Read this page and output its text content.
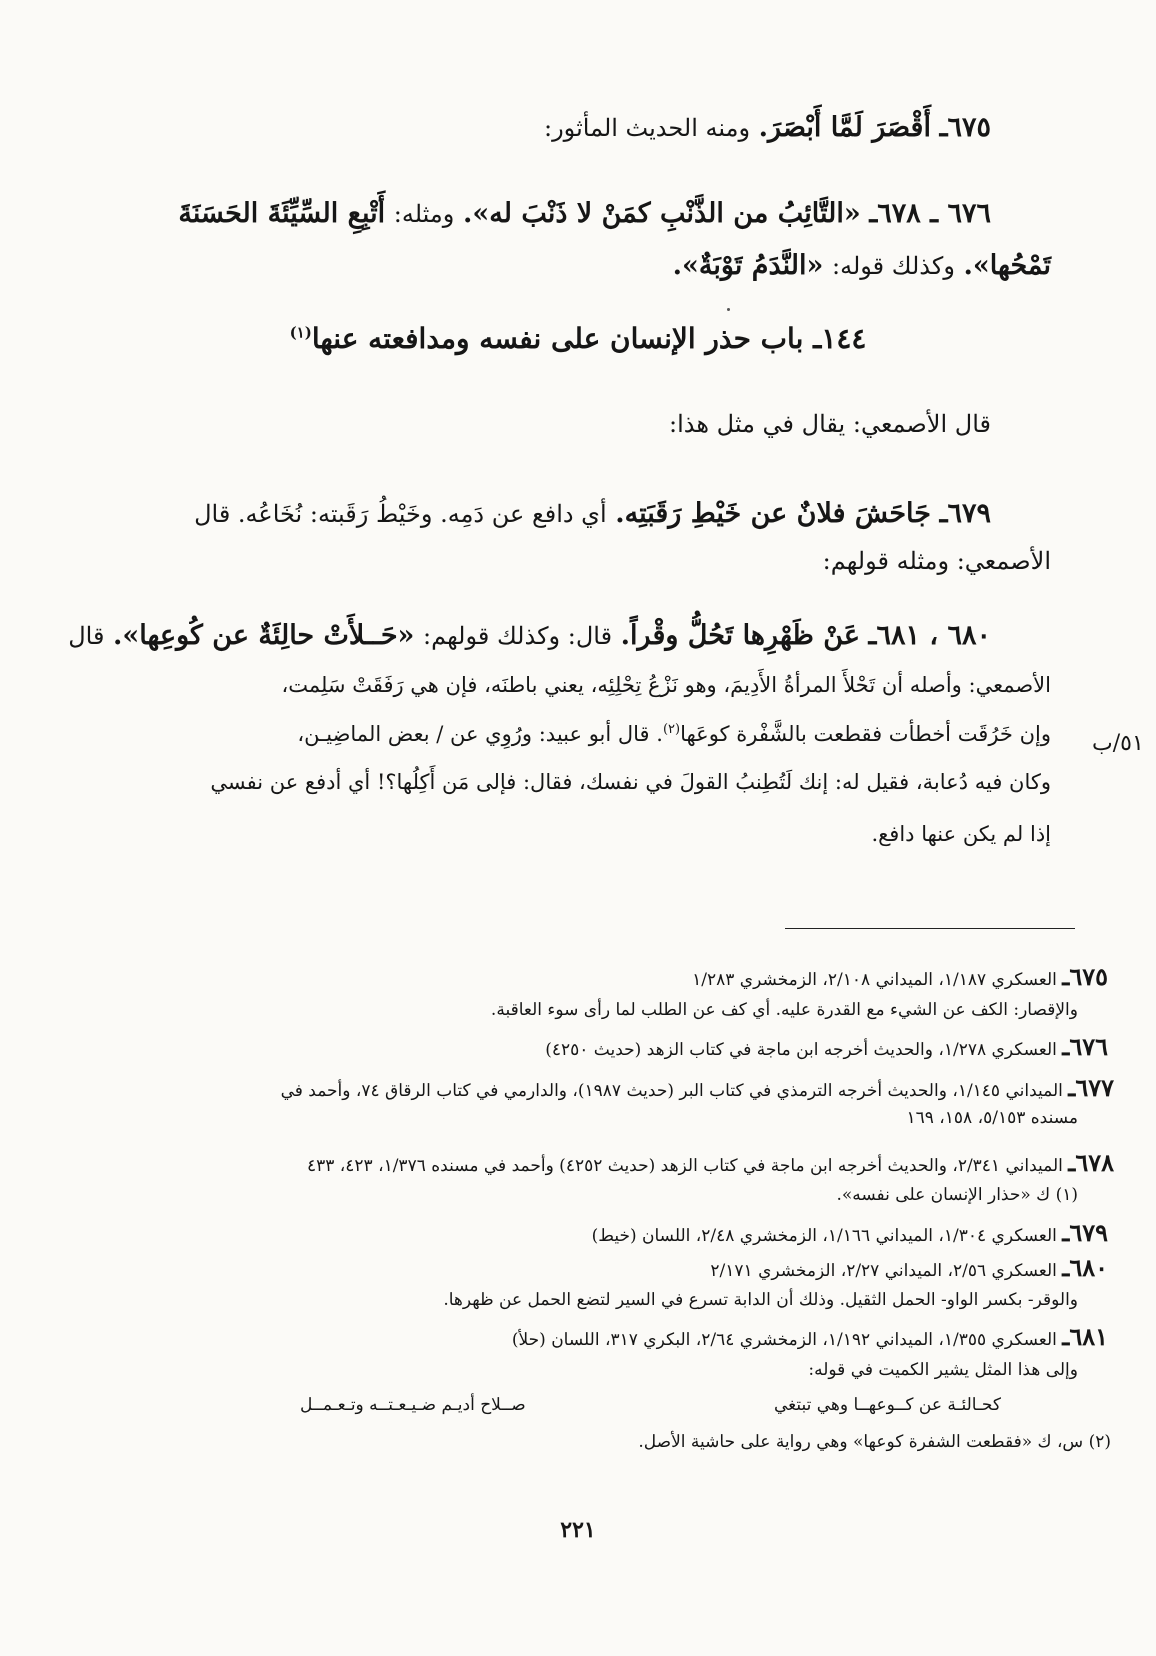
٦٧٥ـ أَقْصَرَ لَمَّا أَبْصَرَ. ومنه الحديث المأثور:
٦٧٦ ـ ٦٧٨ـ «التَّائِبُ من الذَّنْبِ كمَنْ لا ذَنْبَ له». ومثله: أَتْبِعِ السِّيِّئَةَ الحَسَنَةَ
تَمْحُها». وكذلك قوله: «النَّدَمُ تَوْبَةٌ».
١٤٤ـ باب حذر الإنسان على نفسه ومدافعته عنها$^{(١)}$
قال الأصمعي: يقال في مثل هذا:
٦٧٩ـ جَاحَشَ فلانٌ عن خَيْطِ رَقَبَتِه. أي دافع عن دَمِه. وخَيْطُ رَقَبته: نُخَاعُه. قال
الأصمعي: ومثله قولهم:
٦٨٠ ، ٦٨١ـ عَنْ ظَهْرِها تَحُلُّ وقْراً. قال: وكذلك قولهم: «حَــلأَتْ حالِئَةٌ عن كُوعِها». قال
الأصمعي: وأصله أن تَحْلأَ المرأةُ الأَدِيمَ، وهو نَزْعُ تِحْلِئِه، يعني باطنَه، فإن هي رَفَقَتْ سَلِمت،
وإن خَرُقَت أخطأت فقطعت بالشَّفْرة كوعَها$^{(٢)}$. قال أبو عبيد: ورُوِي عن / بعض الماضِيـن،	٥١/ب
وكان فيه دُعابة، فقيل له: إنك لَتُطِنبُ القولَ في نفسك، فقال: فإلى مَن أَكِلُها؟! أي أدفع عن نفسي
إذا لم يكن عنها دافع.
٦٧٥ـ العسكري ١/١٨٧، الميداني ٢/١٠٨، الزمخشري ١/٢٨٣
والإقصار: الكف عن الشيء مع القدرة عليه. أي كف عن الطلب لما رأى سوء العاقبة.
٦٧٦ـ العسكري ١/٢٧٨، والحديث أخرجه ابن ماجة في كتاب الزهد (حديث ٤٢٥٠)
٦٧٧ـ الميداني ١/١٤٥، والحديث أخرجه الترمذي في كتاب البر (حديث ١٩٨٧)، والدارمي في كتاب الرقاق ٧٤، وأحمد في
مسنده ٥/١٥٣، ١٥٨، ١٦٩
٦٧٨ـ الميداني ٢/٣٤١، والحديث أخرجه ابن ماجة في كتاب الزهد (حديث ٤٢٥٢) وأحمد في مسنده ١/٣٧٦، ٤٢٣، ٤٣٣
(١) ك «حذار الإنسان على نفسه».
٦٧٩ـ العسكري ١/٣٠٤، الميداني ١/١٦٦، الزمخشري ٢/٤٨، اللسان (خيط)
٦٨٠ـ العسكري ٢/٥٦، الميداني ٢/٢٧، الزمخشري ٢/١٧١
والوقر- بكسر الواو- الحمل الثقيل. وذلك أن الدابة تسرع في السير لتضع الحمل عن ظهرها.
٦٨١ـ العسكري ١/٣٥٥، الميداني ١/١٩٢، الزمخشري ٢/٦٤، البكري ٣١٧، اللسان (حلأ)
وإلى هذا المثل يشير الكميت في قوله:
كحـالئـة عن كــوعهــا وهي تبتغي
صــلاح أديـم ضـيـعـتــه وتـعـمــل
(٢) س، ك «فقطعت الشفرة كوعها» وهي رواية على حاشية الأصل.
٢٢١
